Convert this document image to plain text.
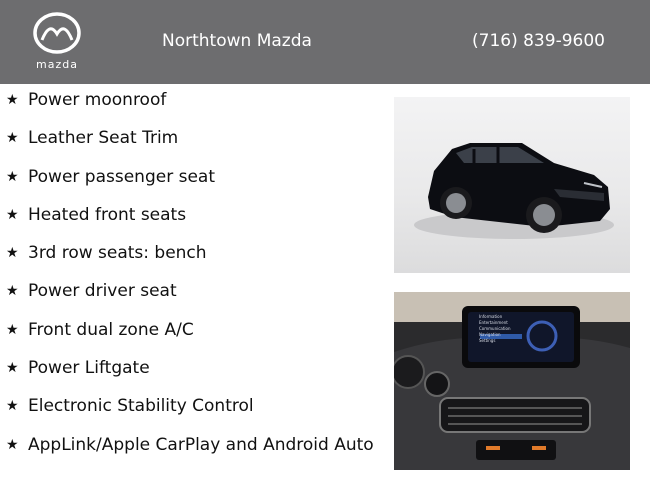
mazda
Northtown Mazda	(716) 839-9600
★ Power moonroof
★ Leather Seat Trim
★ Power passenger seat
★ Heated front seats
★ 3rd row seats: bench
★ Power driver seat
★ Front dual zone A/C
★ Power Liftgate
★ Electronic Stability Control
★ AppLink/Apple CarPlay and Android Auto
Information
Entertainment
Communication
Navigation
Settings
